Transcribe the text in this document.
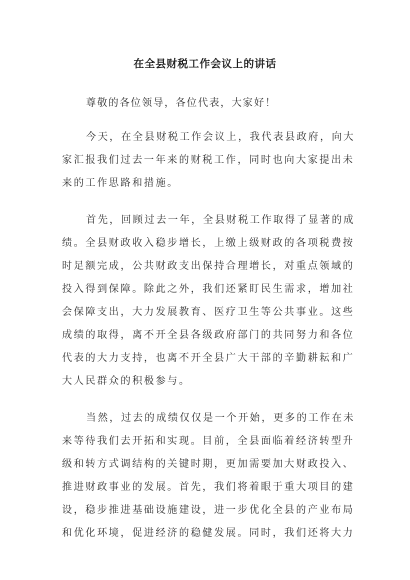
在全县财税工作会议上的讲话
尊敬的各位领导，各位代表，大家好！
今天，在全县财税工作会议上，我代表县政府，向大
家汇报我们过去一年来的财税工作，同时也向大家提出未
来的工作思路和措施。
首先，回顾过去一年，全县财税工作取得了显著的成
绩。全县财政收入稳步增长，上缴上级财政的各项税费按
时足额完成，公共财政支出保持合理增长，对重点领域的
投入得到保障。除此之外，我们还紧盯民生需求，增加社
会保障支出，大力发展教育、医疗卫生等公共事业。这些
成绩的取得，离不开全县各级政府部门的共同努力和各位
代表的大力支持，也离不开全县广大干部的辛勤耕耘和广
大人民群众的积极参与。
当然，过去的成绩仅仅是一个开始，更多的工作在未
来等待我们去开拓和实现。目前，全县面临着经济转型升
级和转方式调结构的关键时期，更加需要加大财政投入、
推进财政事业的发展。首先，我们将着眼于重大项目的建
设，稳步推进基础设施建设，进一步优化全县的产业布局
和优化环境，促进经济的稳健发展。同时，我们还将大力
